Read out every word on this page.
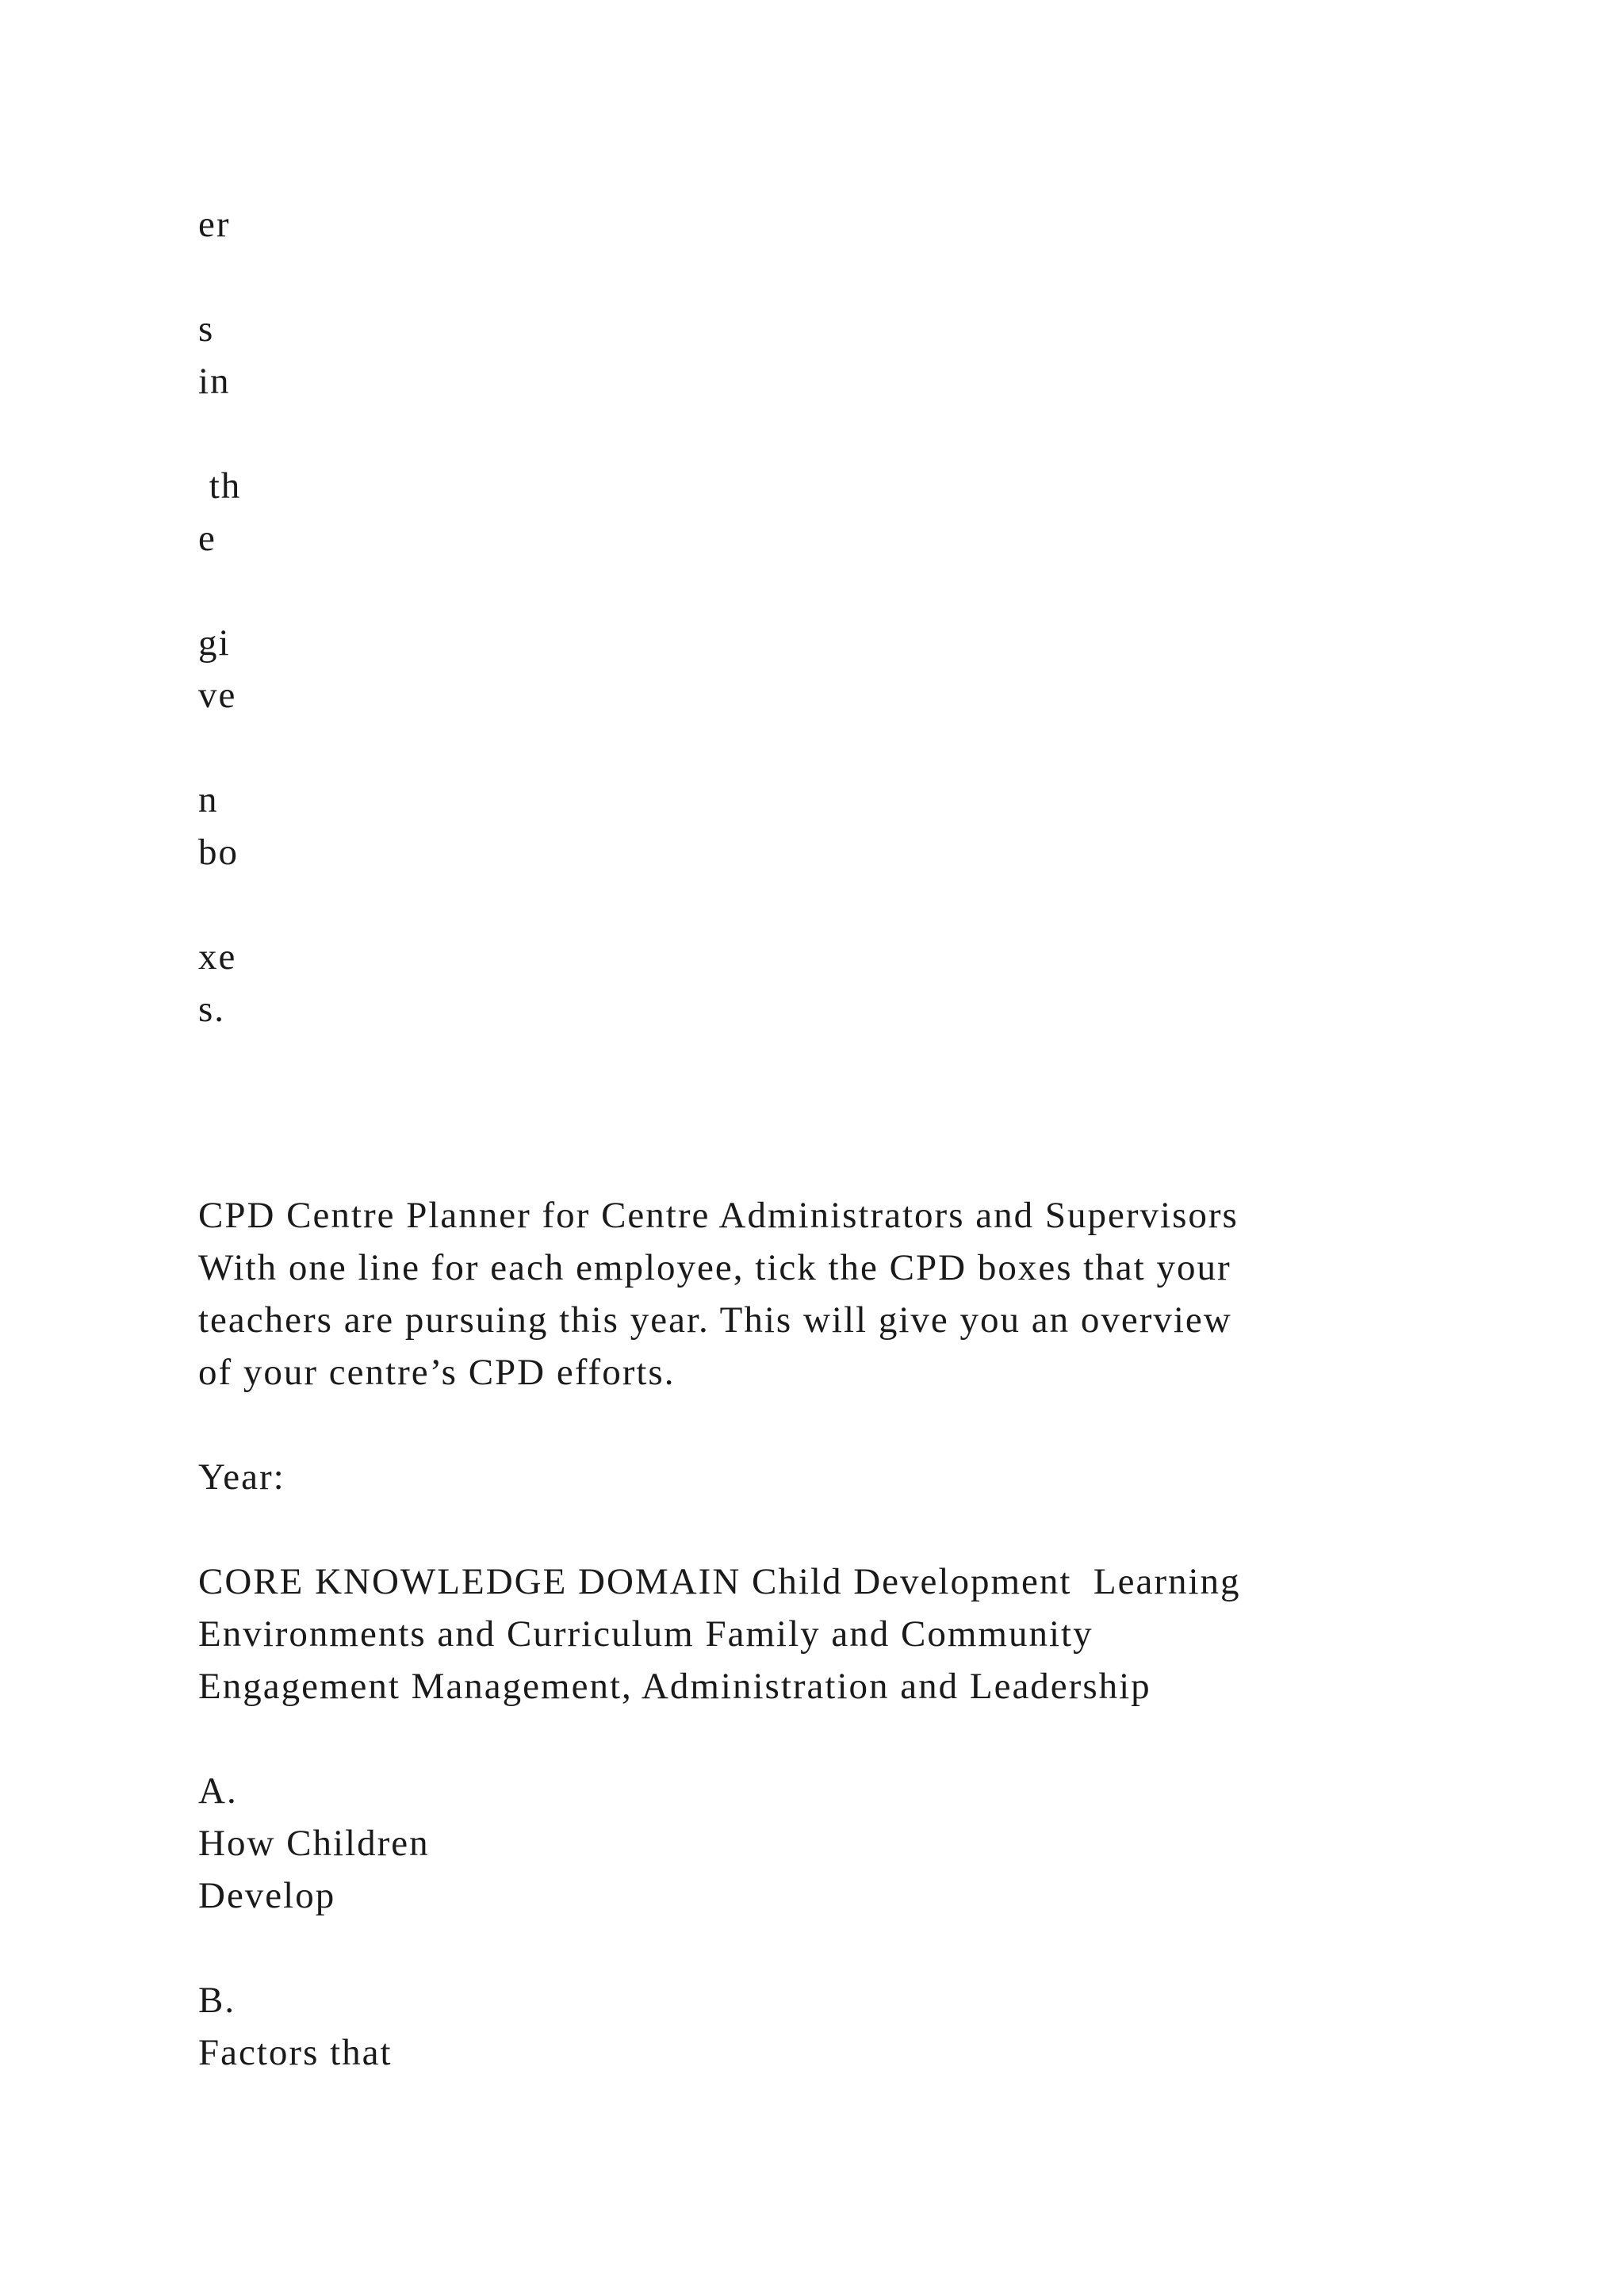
er

s

in

th

e

gi

ve

n

bo

xe

s.

CPD Centre Planner for Centre Administrators and Supervisors

With one line for each employee, tick the CPD boxes that your

teachers are pursuing this year. This will give you an overview

of your centre’s CPD efforts.

Year:

CORE KNOWLEDGE DOMAIN Child Development  Learning

Environments and Curriculum Family and Community

Engagement Management, Administration and Leadership

A.

How Children

Develop

B.

Factors that
